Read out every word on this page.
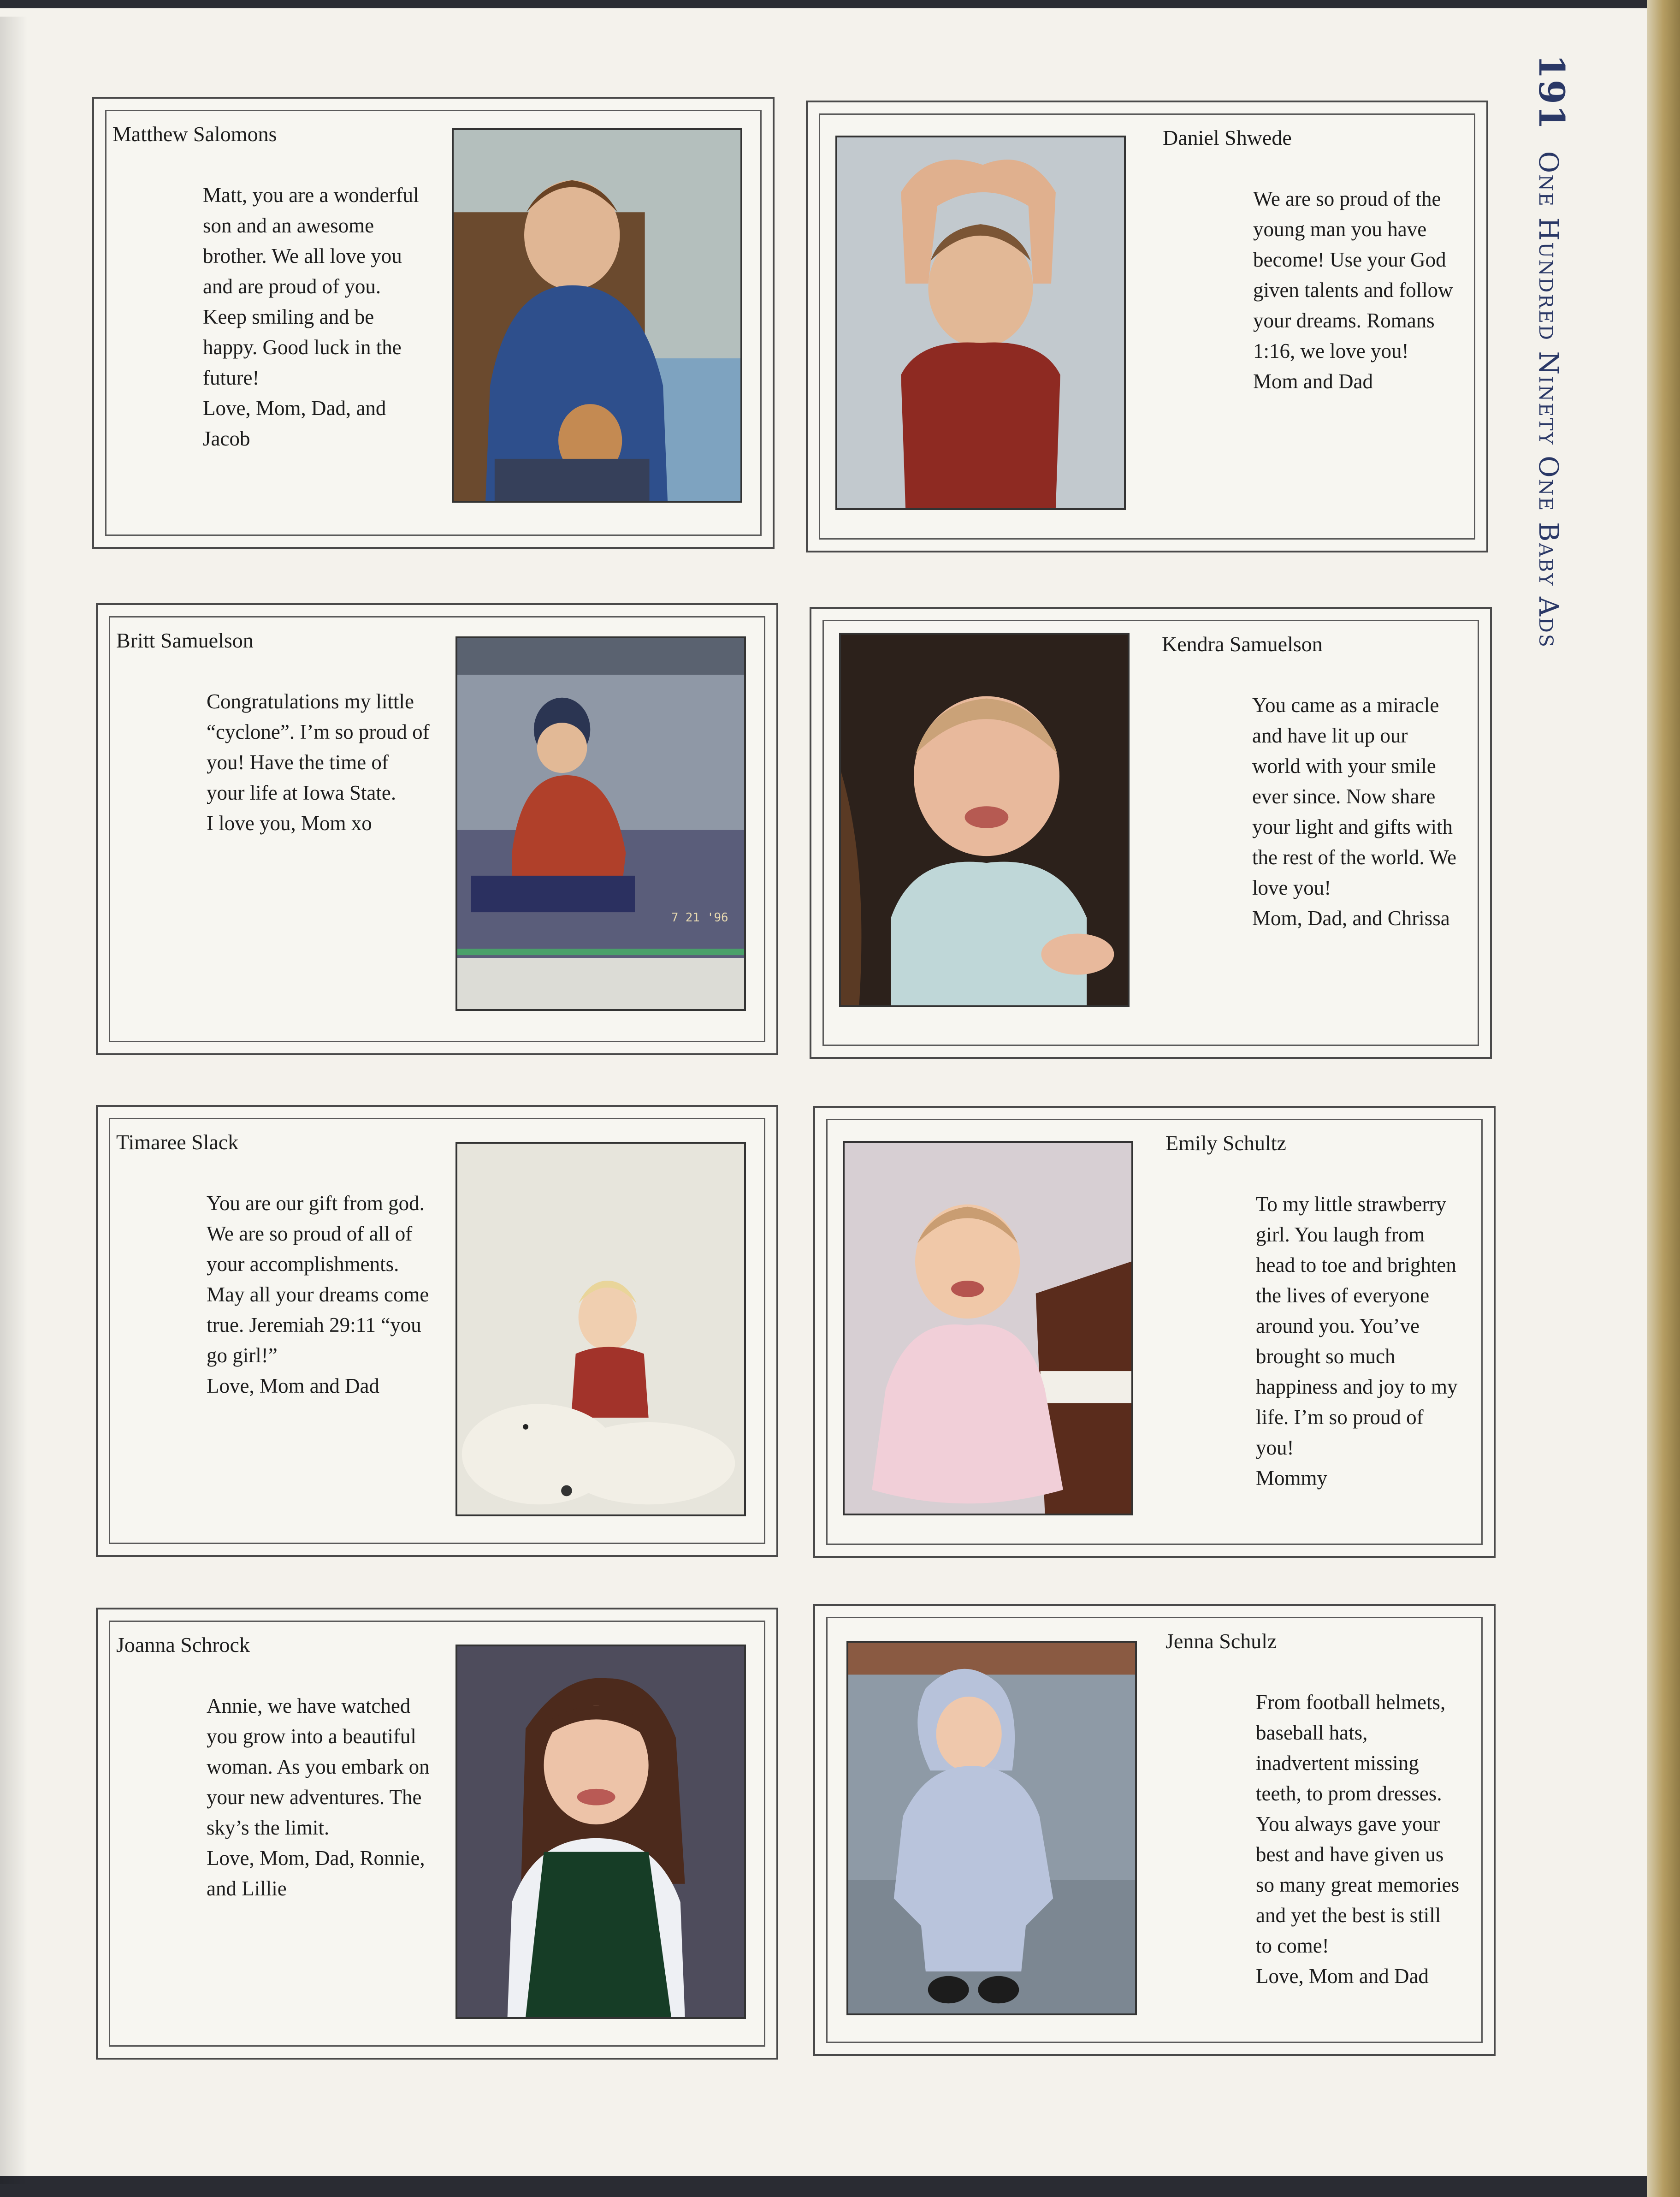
Matthew Salomons
Matt, you are a wonderful son and an awesome brother. We all love you and are proud of you. Keep smiling and be happy. Good luck in the future!
Love, Mom, Dad, and Jacob
Daniel Shwede
We are so proud of the young man you have become! Use your God given talents and follow your dreams. Romans 1:16, we love you!
Mom and Dad
Britt Samuelson
Congratulations my little “cyclone”. I’m so proud of you! Have the time of your life at Iowa State.
I love you, Mom xo
7 21 '96
Kendra Samuelson
You came as a miracle and have lit up our world with your smile ever since. Now share your light and gifts with the rest of the world. We love you!
Mom, Dad, and Chrissa
Timaree Slack
You are our gift from god. We are so proud of all of your accomplishments. May all your dreams come true. Jeremiah 29:11 “you go girl!”
Love, Mom and Dad
Emily Schultz
To my little strawberry girl. You laugh from head to toe and brighten the lives of everyone around you. You’ve brought so much happiness and joy to my life. I’m so proud of you!
Mommy
Joanna Schrock
Annie, we have watched you grow into a beautiful woman. As you embark on your new adventures. The sky’s the limit.
Love, Mom, Dad, Ronnie, and Lillie
Jenna Schulz
From football helmets, baseball hats, inadvertent missing teeth, to prom dresses. You always gave your best and have given us so many great memories and yet the best is still to come!
Love, Mom and Dad
191 One Hundred Ninety One Baby Ads
